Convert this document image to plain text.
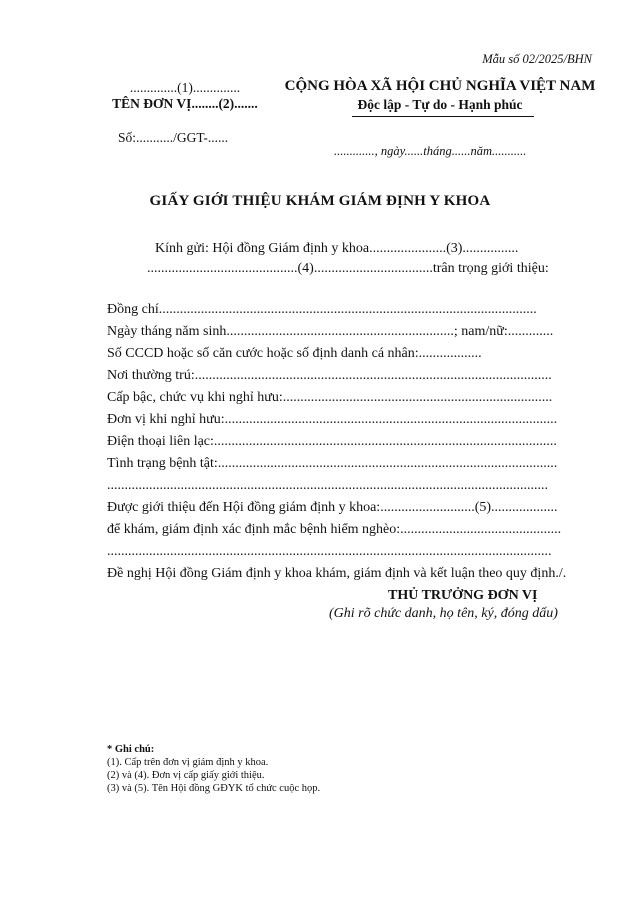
Mẫu số 02/2025/BHN
..............(1)..............
TÊN ĐƠN VỊ........(2).......
Số:.........../GGT-......
CỘNG HÒA XÃ HỘI CHỦ NGHĨA VIỆT NAM
Độc lập - Tự do - Hạnh phúc
............., ngày......tháng......năm...........
GIẤY GIỚI THIỆU KHÁM GIÁM ĐỊNH Y KHOA
Kính gửi: Hội đồng Giám định y khoa......................(3)................
...........................................(4)..................................trân trọng giới thiệu:
Đồng chí............................................................................................................
Ngày tháng năm sinh.................................................................; nam/nữ:.............
Số CCCD hoặc số căn cước hoặc số định danh cá nhân:..................
Nơi thường trú:......................................................................................................
Cấp bậc, chức vụ khi nghỉ hưu:.............................................................................
Đơn vị khi nghỉ hưu:...............................................................................................
Điện thoại liên lạc:..................................................................................................
Tình trạng bệnh tật:.................................................................................................
..............................................................................................................................
Được giới thiệu đến Hội đồng giám định y khoa:...........................(5)...................
để khám, giám định xác định mắc bệnh hiểm nghèo:..............................................
...............................................................................................................................
Đề nghị Hội đồng Giám định y khoa khám, giám định và kết luận theo quy định./.
THỦ TRƯỞNG ĐƠN VỊ
(Ghi rõ chức danh, họ tên, ký, đóng dấu)
* Ghi chú:
(1). Cấp trên đơn vị giám định y khoa.
(2) và (4). Đơn vị cấp giấy giới thiệu.
(3) và (5). Tên Hội đồng GĐYK tổ chức cuộc họp.
